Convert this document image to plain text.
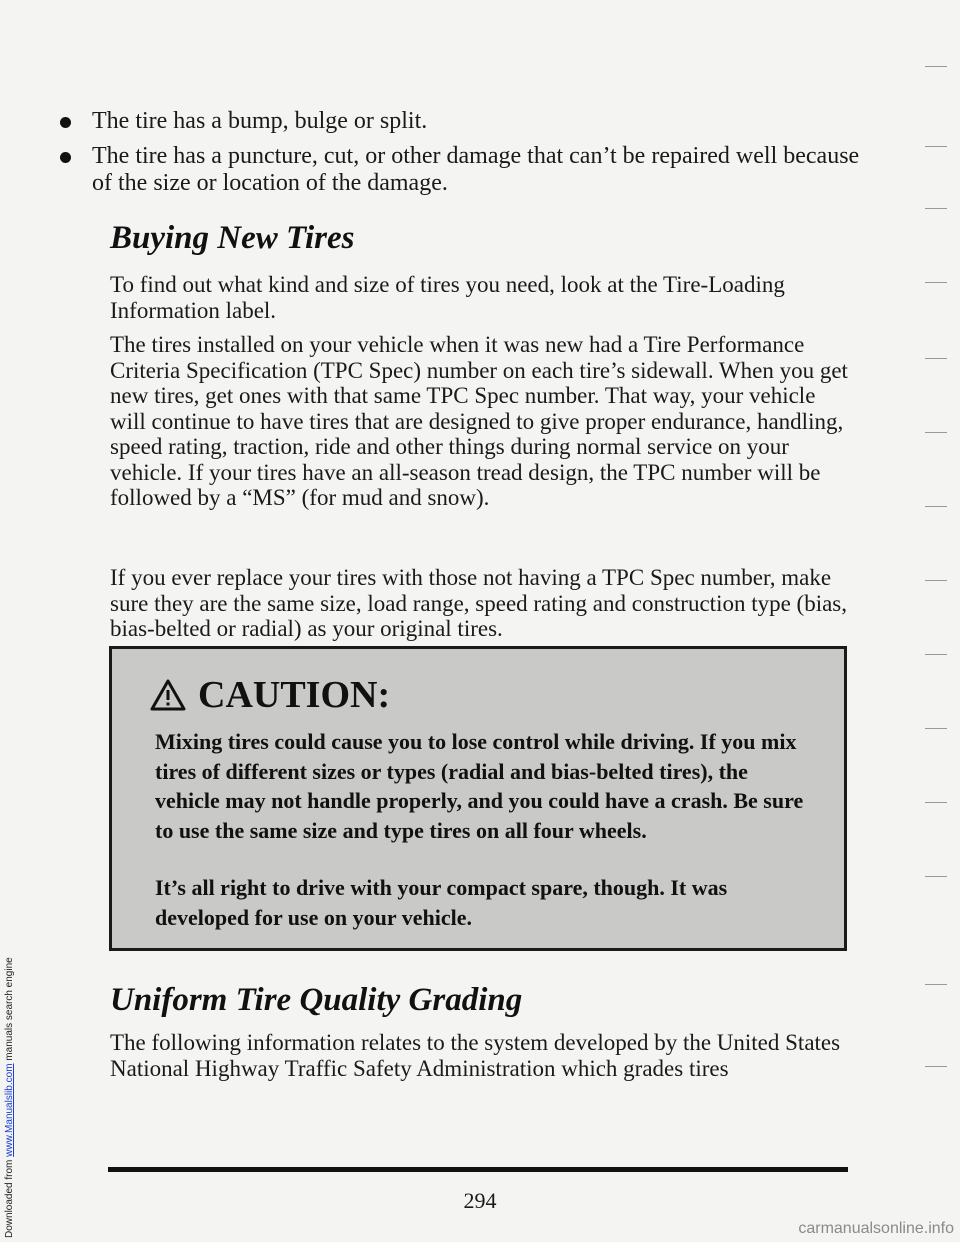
Downloaded from www.Manualslib.com manuals search engine
The tire has a bump, bulge or split.
The tire has a puncture, cut, or other damage that can’t be repaired well because of the size or location of the damage.
Buying New Tires

To find out what kind and size of tires you need, look at the Tire-Loading Information label.

The tires installed on your vehicle when it was new had a Tire Performance Criteria Specification (TPC Spec) number on each tire’s sidewall. When you get new tires, get ones with that same TPC Spec number. That way, your vehicle will continue to have tires that are designed to give proper endurance, handling, speed rating, traction, ride and other things during normal service on your vehicle. If your tires have an all-season tread design, the TPC number will be followed by a “MS” (for mud and snow).

If you ever replace your tires with those not having a TPC Spec number, make sure they are the same size, load range, speed rating and construction type (bias, bias-belted or radial) as your original tires.

CAUTION:

Mixing tires could cause you to lose control while driving. If you mix tires of different sizes or types (radial and bias-belted tires), the vehicle may not handle properly, and you could have a crash. Be sure to use the same size and type tires on all four wheels.

It’s all right to drive with your compact spare, though. It was developed for use on your vehicle.

Uniform Tire Quality Grading

The following information relates to the system developed by the United States National Highway Traffic Safety Administration which grades tires

294
carmanualsonline.info
